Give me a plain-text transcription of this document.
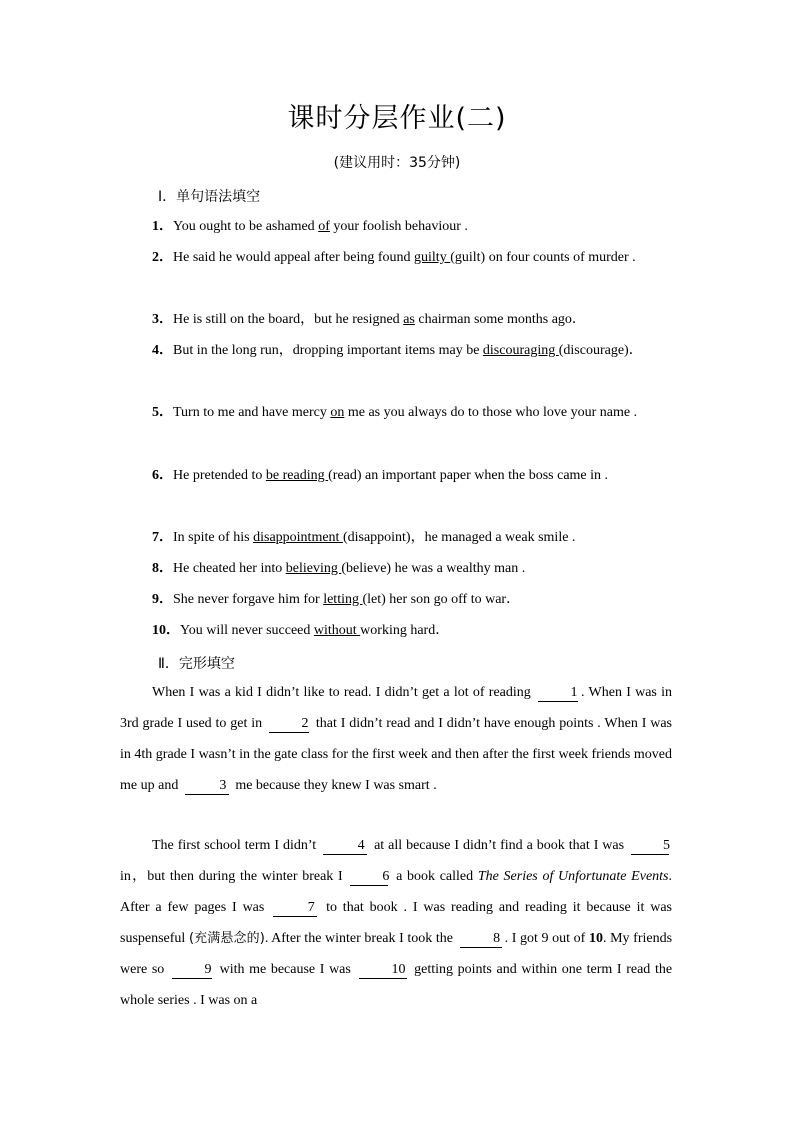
课时分层作业(二)
(建议用时：35分钟)
Ⅰ．单句语法填空
1．You ought to be ashamed of your foolish behaviour .
2．He said he would appeal after being found guilty (guilt) on four counts of murder .
3．He is still on the board，but he resigned as chairman some months ago．
4．But in the long run，dropping important items may be discouraging (discourage)．
5．Turn to me and have mercy on me as you always do to those who love your name .
6．He pretended to be reading (read) an important paper when the boss came in .
7．In spite of his disappointment (disappoint)，he managed a weak smile .
8．He cheated her into believing (believe) he was a wealthy man .
9．She never forgave him for letting (let) her son go off to war．
10．You will never succeed without working hard．
Ⅱ．完形填空
When I was a kid I didn’t like to read. I didn’t get a lot of reading	1 . When I was in 3rd grade I used to get in	2 that I didn’t read and I didn’t have enough points . When I was in 4th grade I wasn’t in the gate class for the first week and then after the first week friends moved me up and	3 me because they knew I was smart .
The first school term I didn’t	4 at all because I didn’t find a book that I was	5 in，but then during the winter break I	6 a book called The Series of Unfortunate Events. After a few pages I was	7 to that book . I was reading and reading it because it was suspenseful (充满悬念的). After the winter break I took the	8 . I got 9 out of 10. My friends were so	9 with me because I was	10 getting points and within one term I read the whole series . I was on a
